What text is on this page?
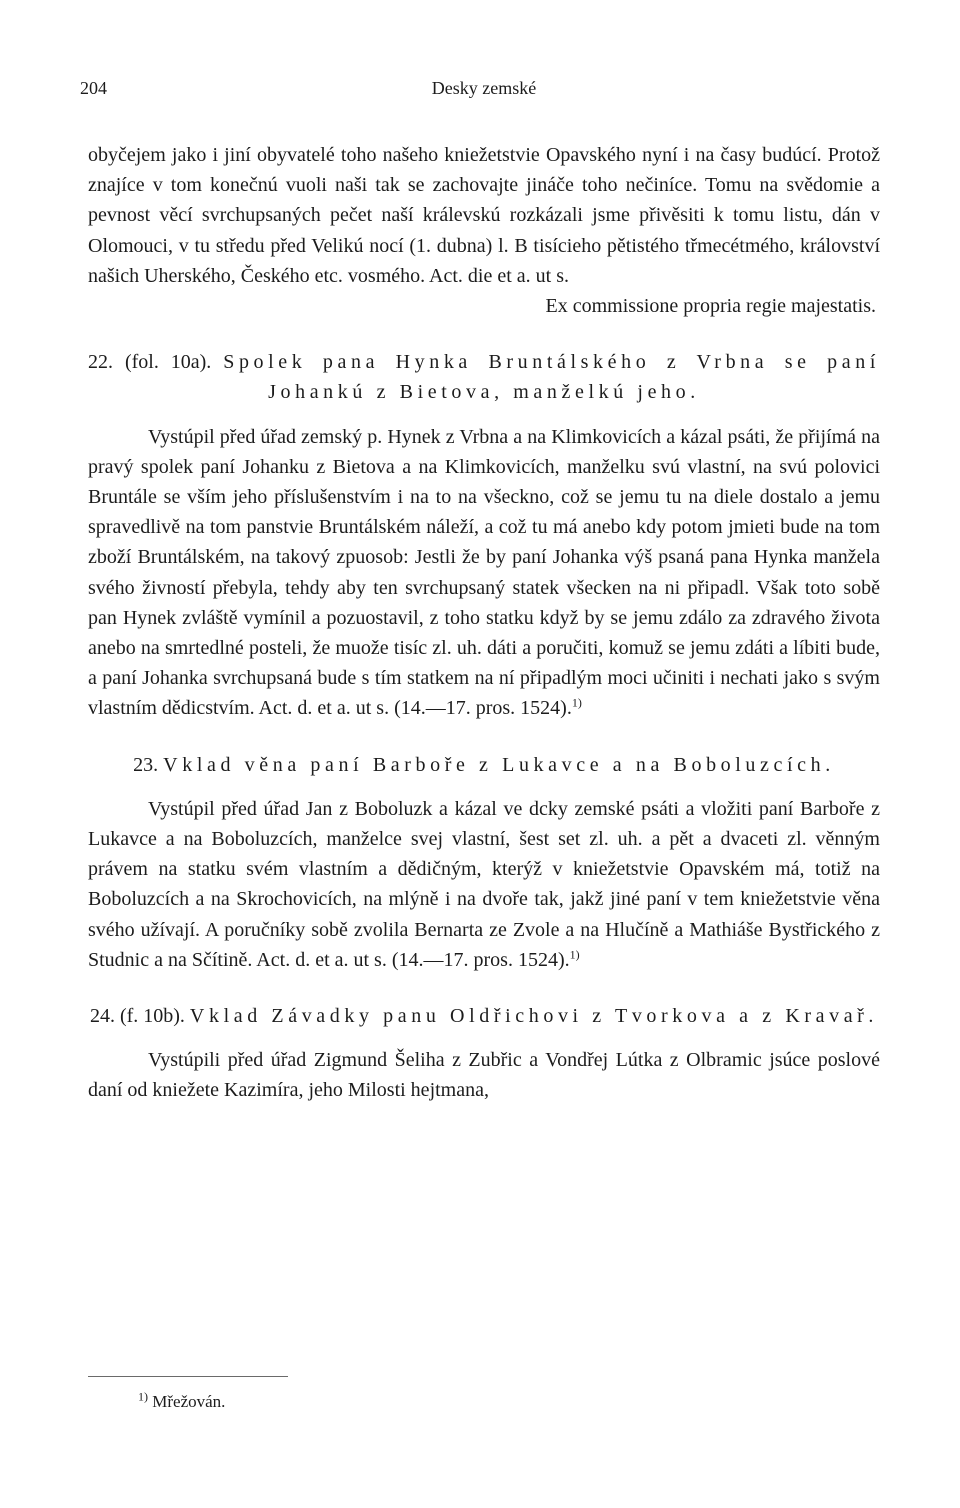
204	Desky zemské

obyčejem jako i jiní obyvatelé toho našeho kniežetstvie Opavského nyní i na časy budúcí. Protož znajíce v tom konečnú vuoli naši tak se zachovajte jináče toho nečiníce. Tomu na svědomie a pevnost věcí svrchupsaných pečet naší králevskú rozkázali jsme přivěsiti k tomu listu, dán v Olomouci, v tu středu před Velikú nocí (1. dubna) l. B tisícieho pětistého třmecétmého, království našich Uherského, Českého etc. vosmého. Act. die et a. ut s.

Ex commissione propria regie majestatis.

22. (fol. 10a). Spolek pana Hynka Bruntálského z Vrbna se paní Johankú z Bietova, manželkú jeho.

Vystúpil před úřad zemský p. Hynek z Vrbna a na Klimkovicích a kázal psáti, že přijímá na pravý spolek paní Johanku z Bietova a na Klimkovicích, manželku svú vlastní, na svú polovici Bruntále se vším jeho příslušenstvím i na to na všecknо, což se jemu tu na diele dostalo a jemu spravedlivě na tom panstvie Bruntálském náleží, a což tu má anebo kdy potom jmieti bude na tom zboží Bruntálském, na takový zpuosob: Jestli že by paní Johanka výš psaná pana Hynka manžela svého živností přebyla, tehdy aby ten svrchupsaný statek všecken na ni připadl. Však toto sobě pan Hynek zvláště vymínil a pozuostavil, z toho statku když by se jemu zdálo za zdravého života anebo na smrtedlné posteli, že muože tisíc zl. uh. dáti a poručiti, komuž se jemu zdáti a líbiti bude, a paní Johanka svrchupsaná bude s tím statkem na ní připadlým moci učiniti i nechati jako s svým vlastním dědicstvím. Act. d. et a. ut s. (14.—17. pros. 1524).$^{1)}$

23. Vklad věna paní Barboře z Lukavce a na Boboluzcích.

Vystúpil před úřad Jan z Boboluzk a kázal ve dcky zemské psáti a vložiti paní Barboře z Lukavce a na Boboluzcích, manželce svej vlastní, šest set zl. uh. a pět a dvaceti zl. věnným právem na statku svém vlastním a dědičným, kterýž v kniežetstvie Opavském má, totiž na Boboluzcích a na Skrochovicích, na mlýně i na dvoře tak, jakž jiné paní v tem kniežetstvie věna svého užívají. A poručníky sobě zvolila Bernarta ze Zvole a na Hlučíně a Mathiáše Bystřického z Studnic a na Sčítině. Act. d. et a. ut s. (14.—17. pros. 1524).$^{1)}$

24. (f. 10b). Vklad Závadky panu Oldřichovi z Tvorkova a z Kravař.

Vystúpili před úřad Zigmund Šeliha z Zubřic a Vondřej Lútka z Olbramic jsúce poslové daní od kniežete Kazimíra, jeho Milosti hejtmana,

$^{1)}$ Mřežován.
